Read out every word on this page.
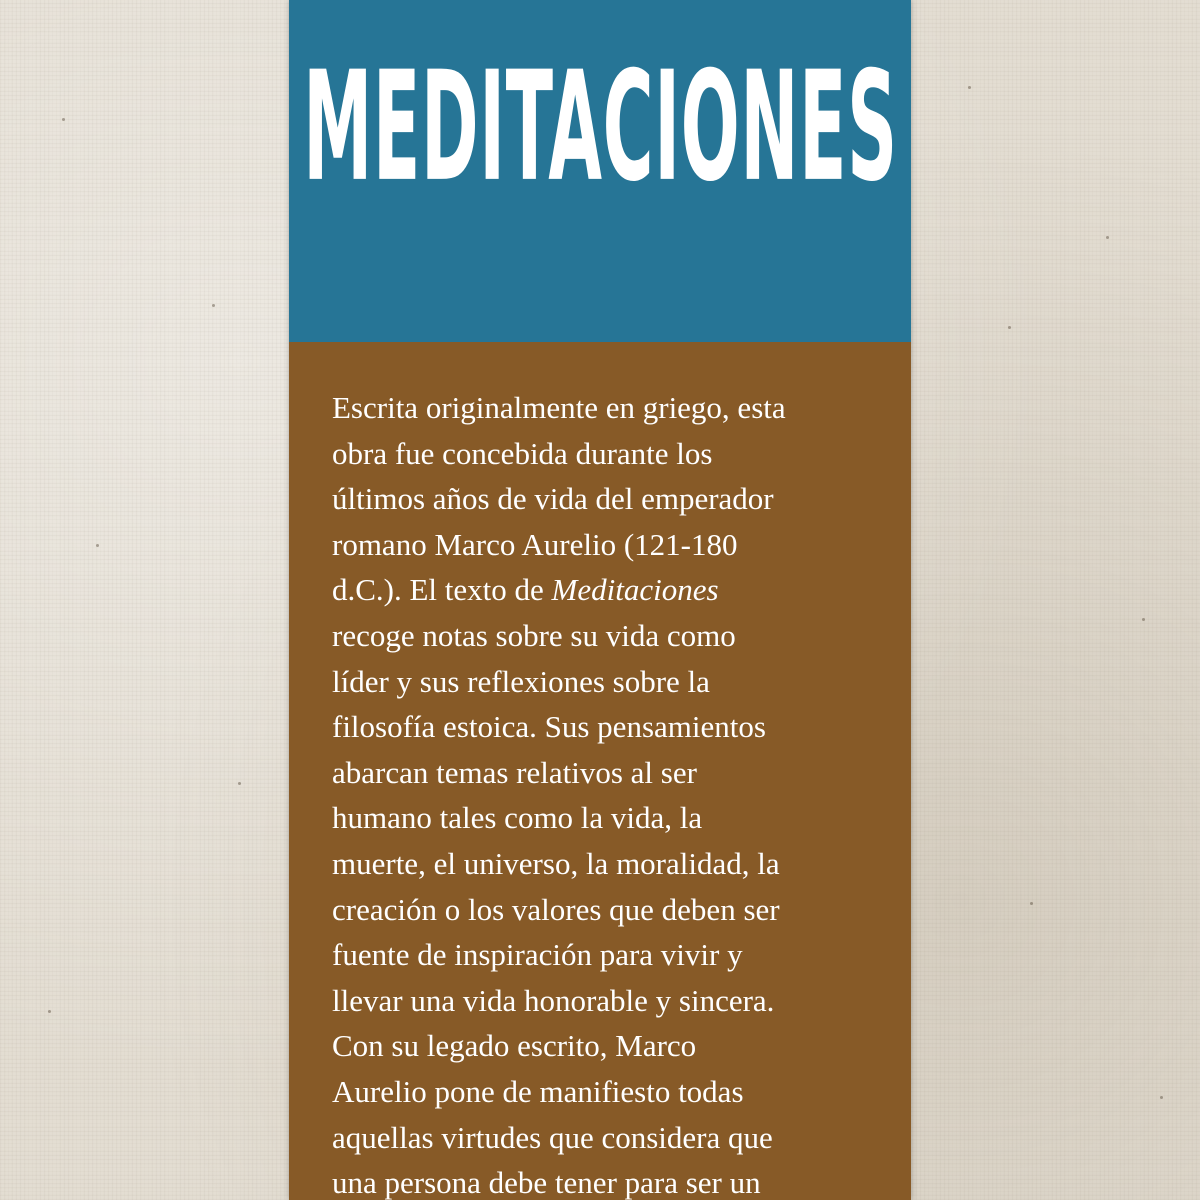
MEDITACIONES

Escrita originalmente en griego, esta
obra fue concebida durante los
últimos años de vida del emperador
romano Marco Aurelio (121-180
d.C.). El texto de Meditaciones
recoge notas sobre su vida como
líder y sus reflexiones sobre la
filosofía estoica. Sus pensamientos
abarcan temas relativos al ser
humano tales como la vida, la
muerte, el universo, la moralidad, la
creación o los valores que deben ser
fuente de inspiración para vivir y
llevar una vida honorable y sincera.
Con su legado escrito, Marco
Aurelio pone de manifiesto todas
aquellas virtudes que considera que
una persona debe tener para ser un
